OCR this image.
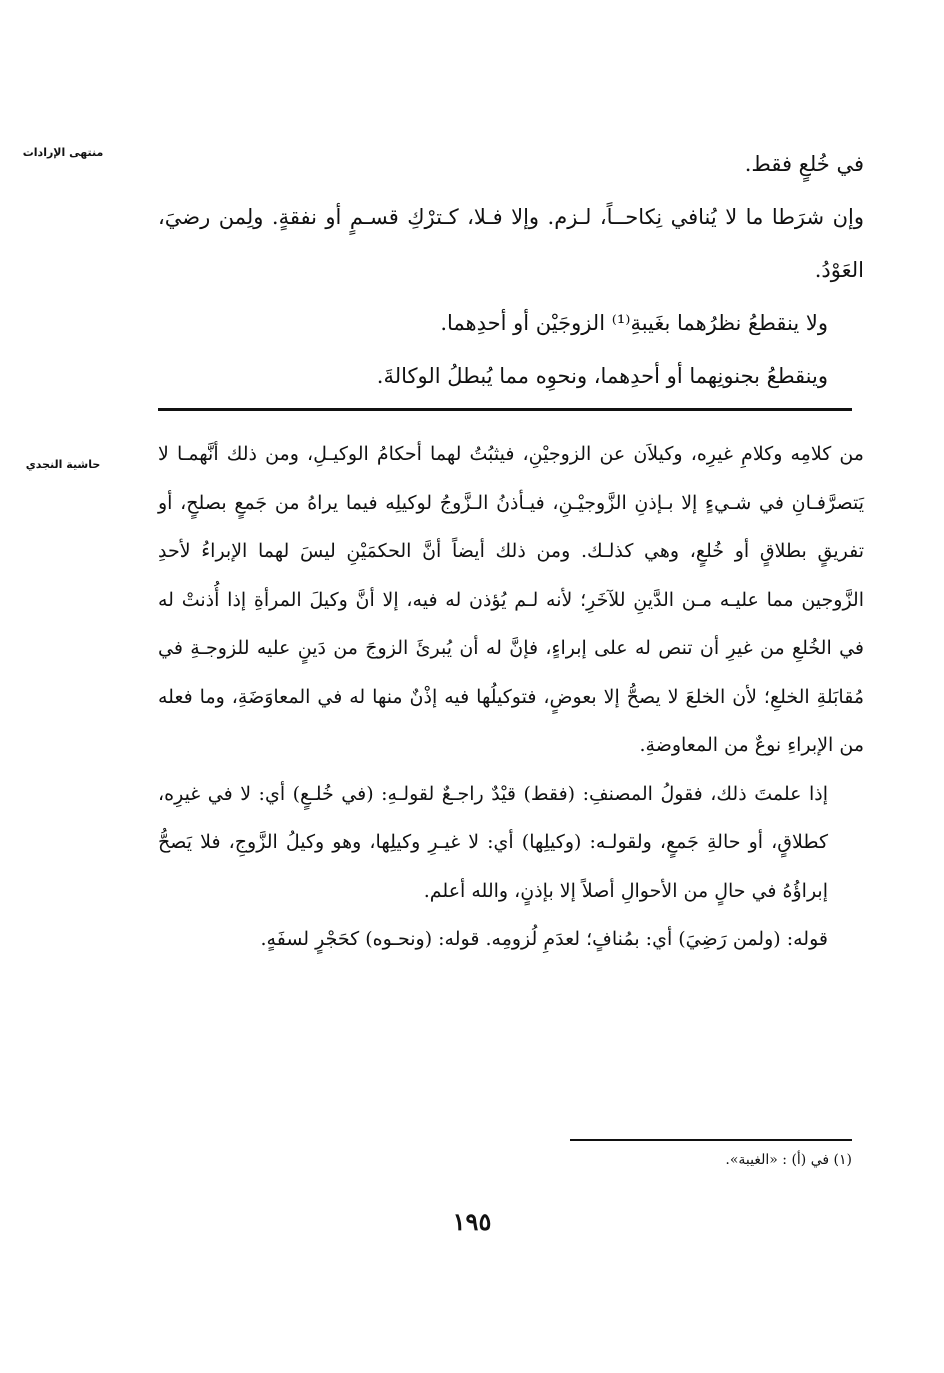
منتهى الإرادات
حاشية النجدي

في خُلعٍ فقط.

وإن شرَطا ما لا يُنافي نِكاحــاً، لـزم. وإلا فـلا، كـترْكِ قسـمٍ أو نفقةٍ. ولِمن رضيَ، العَوْدُ.

ولا ينقطعُ نظرُهما بغَيبةِ⁽¹⁾ الزوجَيْن أو أحدِهما.

وينقطعُ بجنونِهما أو أحدِهما، ونحوِه مما يُبطلُ الوكالةَ.

من كلامِه وكلامِ غيرِه، وكيلاَن عن الزوجيْنِ، فيثبُتُ لهما أحكامُ الوكيـلِ، ومن ذلك أنَّهمـا لا يَتصرَّفـانِ في شـيءٍ إلا بـإذنِ الزَّوجيْـنِ، فيـأذنُ الـزَّوجُ لوكيلِه فيما يراهُ من جَمعٍ بصلحٍ، أو تفريقٍ بطلاقٍ أو خُلعٍ، وهي كذلـك. ومن ذلك أيضاً أنَّ الحكمَيْنِ ليسَ لهما الإبراءُ لأحدِ الزَّوجين مما عليـه مـن الدَّينِ للآخَرِ؛ لأنه لـم يُؤذن له فيه، إلا أنَّ وكيلَ المرأةِ إذا أُذنتْ له في الخُلعِ من غيرِ أن تنص له على إبراءٍ، فإنَّ له أن يُبرئَ الزوجَ من دَينٍ عليه للزوجـةِ في مُقابَلةِ الخلعِ؛ لأن الخلعَ لا يصحُّ إلا بعوضٍ، فتوكيلُها فيه إذْنٌ منها له في المعاوَضَةِ، وما فعله من الإبراءِ نوعٌ من المعاوضةِ.

إذا علمتَ ذلك، فقولُ المصنفِ: (فقط) قيْدٌ راجـعٌ لقولـهِ: (في خُلـعٍ) أي: لا في غيرِه، كطلاقٍ، أو حالةِ جَمعٍ، ولقولـه: (وكيلِها) أي: لا غيـرِ وكيلِها، وهو وكيلُ الزَّوجِ، فلا يَصحُّ إبراؤُهُ في حالٍ من الأحوالِ أصلاً إلا بإذنٍ، والله أعلم.

قوله: (ولمن رَضِيَ) أي: بمُنافٍ؛ لعدَمِ لُزومِه. قوله: (ونحـوه) كحَجْرٍ لسفَهٍ.

(١) في (أ) : «الغيبة».
١٩٥
